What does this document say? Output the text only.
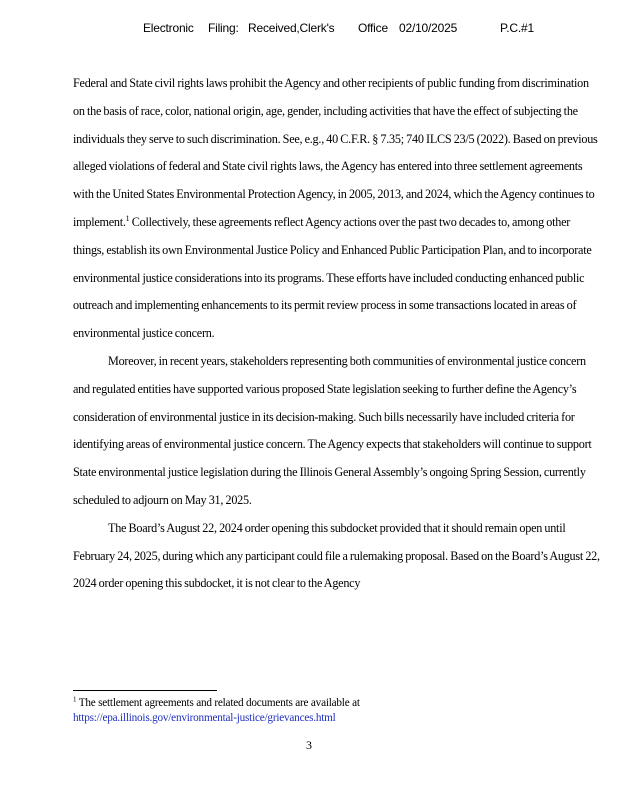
Electronic Filing: Received,Clerk's Office 02/10/2025	P.C.#1

Federal and State civil rights laws prohibit the Agency and other recipients of public funding from discrimination on the basis of race, color, national origin, age, gender, including activities that have the effect of subjecting the individuals they serve to such discrimination. See, e.g., 40 C.F.R. § 7.35; 740 ILCS 23/5 (2022). Based on previous alleged violations of federal and State civil rights laws, the Agency has entered into three settlement agreements with the United States Environmental Protection Agency, in 2005, 2013, and 2024, which the Agency continues to implement.$^1$ Collectively, these agreements reflect Agency actions over the past two decades to, among other things, establish its own Environmental Justice Policy and Enhanced Public Participation Plan, and to incorporate environmental justice considerations into its programs. These efforts have included conducting enhanced public outreach and implementing enhancements to its permit review process in some transactions located in areas of environmental justice concern.

Moreover, in recent years, stakeholders representing both communities of environmental justice concern and regulated entities have supported various proposed State legislation seeking to further define the Agency’s consideration of environmental justice in its decision-making. Such bills necessarily have included criteria for identifying areas of environmental justice concern. The Agency expects that stakeholders will continue to support State environmental justice legislation during the Illinois General Assembly’s ongoing Spring Session, currently scheduled to adjourn on May 31, 2025.

The Board’s August 22, 2024 order opening this subdocket provided that it should remain open until February 24, 2025, during which any participant could file a rulemaking proposal. Based on the Board’s August 22, 2024 order opening this subdocket, it is not clear to the Agency

$^1$ The settlement agreements and related documents are available at
https://epa.illinois.gov/environmental-justice/grievances.html
3
